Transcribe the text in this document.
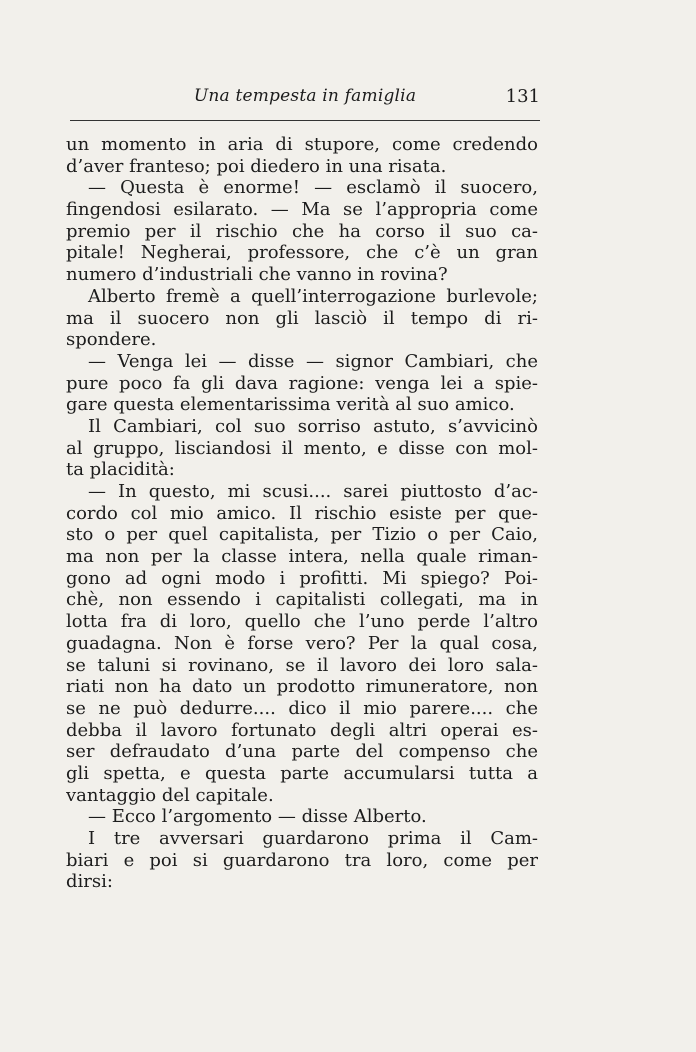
Una tempesta in famiglia	131
un momento in aria di stupore, come credendo
d’aver franteso; poi diedero in una risata.
— Questa è enorme! — esclamò il suocero,
fingendosi esilarato. — Ma se l’appropria come
premio per il rischio che ha corso il suo ca-
pitale! Negherai, professore, che c’è un gran
numero d’industriali che vanno in rovina?
Alberto fremè a quell’interrogazione burlevole;
ma il suocero non gli lasciò il tempo di ri-
spondere.
— Venga lei — disse — signor Cambiari, che
pure poco fa gli dava ragione: venga lei a spie-
gare questa elementarissima verità al suo amico.
Il Cambiari, col suo sorriso astuto, s’avvicinò
al gruppo, lisciandosi il mento, e disse con mol-
ta placidità:
— In questo, mi scusi.... sarei piuttosto d’ac-
cordo col mio amico. Il rischio esiste per que-
sto o per quel capitalista, per Tizio o per Caio,
ma non per la classe intera, nella quale riman-
gono ad ogni modo i profitti. Mi spiego? Poi-
chè, non essendo i capitalisti collegati, ma in
lotta fra di loro, quello che l’uno perde l’altro
guadagna. Non è forse vero? Per la qual cosa,
se taluni si rovinano, se il lavoro dei loro sala-
riati non ha dato un prodotto rimuneratore, non
se ne può dedurre.... dico il mio parere.... che
debba il lavoro fortunato degli altri operai es-
ser defraudato d’una parte del compenso che
gli spetta, e questa parte accumularsi tutta a
vantaggio del capitale.
— Ecco l’argomento — disse Alberto.
I tre avversari guardarono prima il Cam-
biari e poi si guardarono tra loro, come per
dirsi:
